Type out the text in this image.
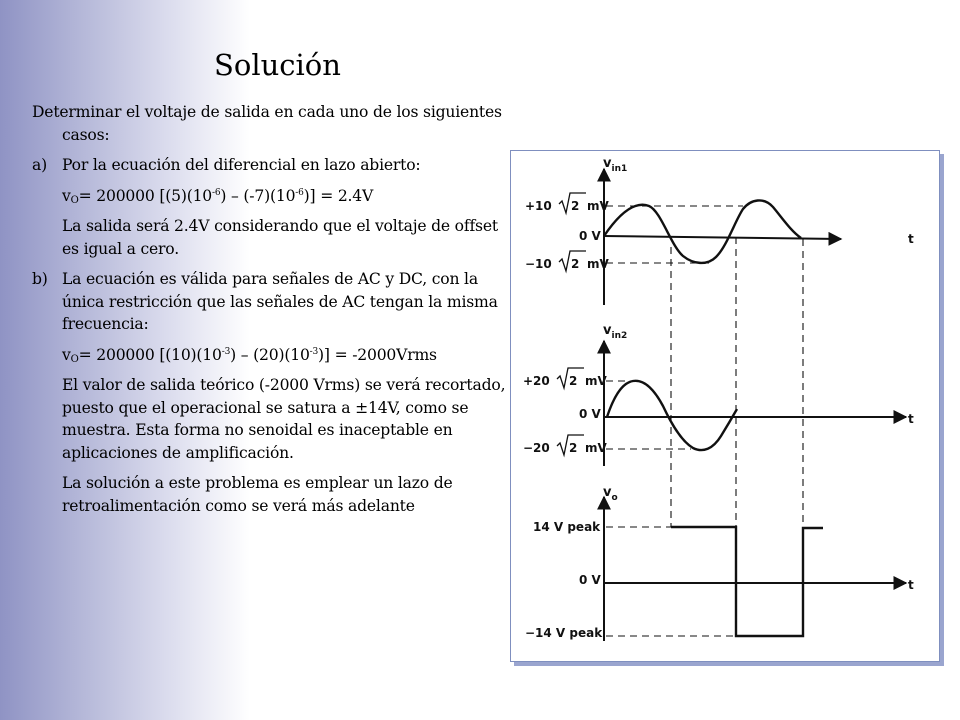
Solución

Determinar el voltaje de salida en cada uno de los siguientes casos:

a) Por la ecuación del diferencial en lazo abierto:
$v_O= 200000$ $[(5)(10^{-6}) - (-7)(10^{-6})] = 2.4V$
La salida será 2.4V considerando que el voltaje de offset es igual a cero.
b) La ecuación es válida para señales de AC y DC, con la única restricción que las señales de AC tengan la misma frecuencia:
$v_O= 200000$ $[(10)(10^{-3}) - (20)(10^{-3})]$ = -2000Vrms
El valor de salida teórico (-2000 Vrms) se verá recortado, puesto que el operacional se satura a ±14V, como se muestra. Esta forma no senoidal es inaceptable en aplicaciones de amplificación.
La solución a este problema es emplear un lazo de retroalimentación como se verá más adelante
$v_{in1}$
+10 2 mV
0 V
−10 2 mV
t
$v_{in2}$
+20 2 mV
0 V
−20 2 mV
t
$v_o$
14 V peak
0 V
−14 V peak
t
